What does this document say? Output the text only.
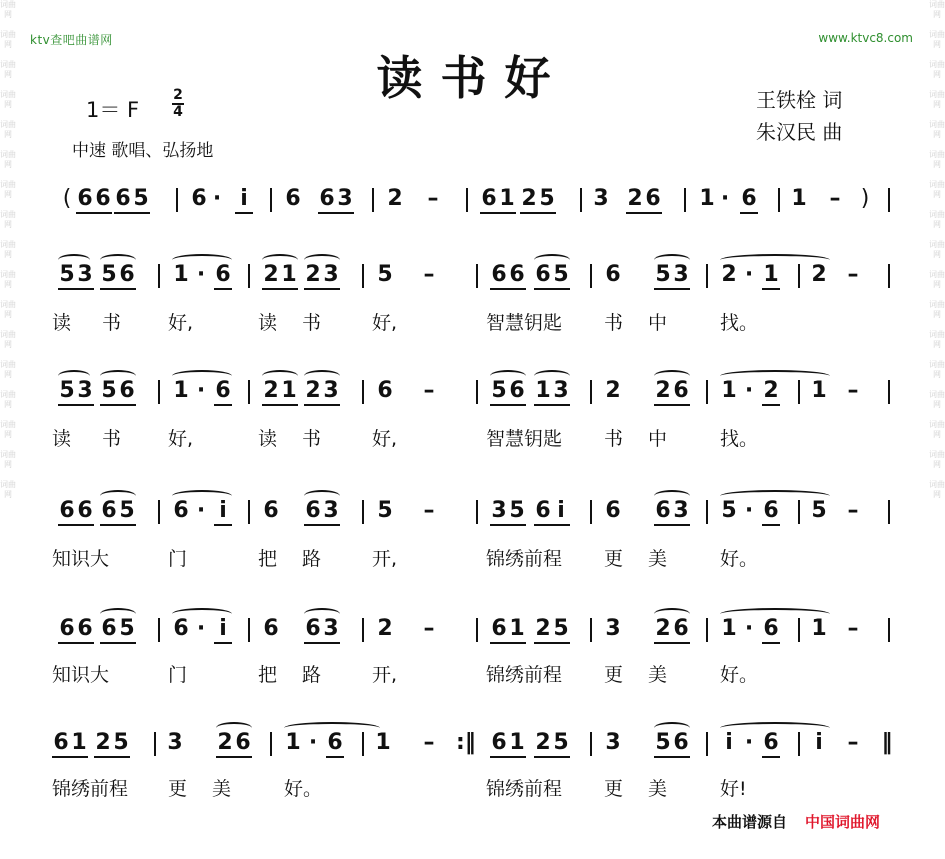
词曲网

词曲网

词曲网

词曲网

词曲网

词曲网

词曲网

词曲网

词曲网

词曲网

词曲网

词曲网

词曲网

词曲网

词曲网

词曲网

词曲网
词曲网

词曲网

词曲网

词曲网

词曲网

词曲网

词曲网

词曲网

词曲网

词曲网

词曲网

词曲网

词曲网

词曲网

词曲网

词曲网

词曲网
ktv查吧曲谱网	www.ktvc8.com
读书好
1＝ F
2
4
中速 歌唱、弘扬地
王铁栓 词
朱汉民 曲
( 6 6 6 5 6 · i 6 6 3 2 – 6 1 2 5 3 2 6 1 · 6 1 – )
5 3 5 6 1 · 6 2 1 2 3 5 –	6 6 6 5 6 5 3 2 · 1 2 –
读 书 好,	读 书	好,	智慧钥匙 书 中	找。
5 3 5 6 1 · 6 2 1 2 3 6 –	5 6 1 3 2 2 6 1 · 2 1 –
读 书 好,	读 书	好,	智慧钥匙 书 中	找。
6 6 6 5 6 · i 6 6 3 5 –	3 5 6 i 6 6 3 5 · 6 5 –
知识大	门	把 路	开,	锦绣前程 更 美	好。
6 6 6 5 6 · i 6 6 3 2 –	6 1 2 5 3 2 6 1 · 6 1 –
知识大	门	把 路	开,	锦绣前程 更 美	好。
6 1 2 5 3 2 6 1 · 6 1 – :‖ 6 1 2 5 3 5 6 i · 6 i – ‖
锦绣前程 更 美	好。	锦绣前程 更 美	好!
本曲谱源自 中国词曲网
